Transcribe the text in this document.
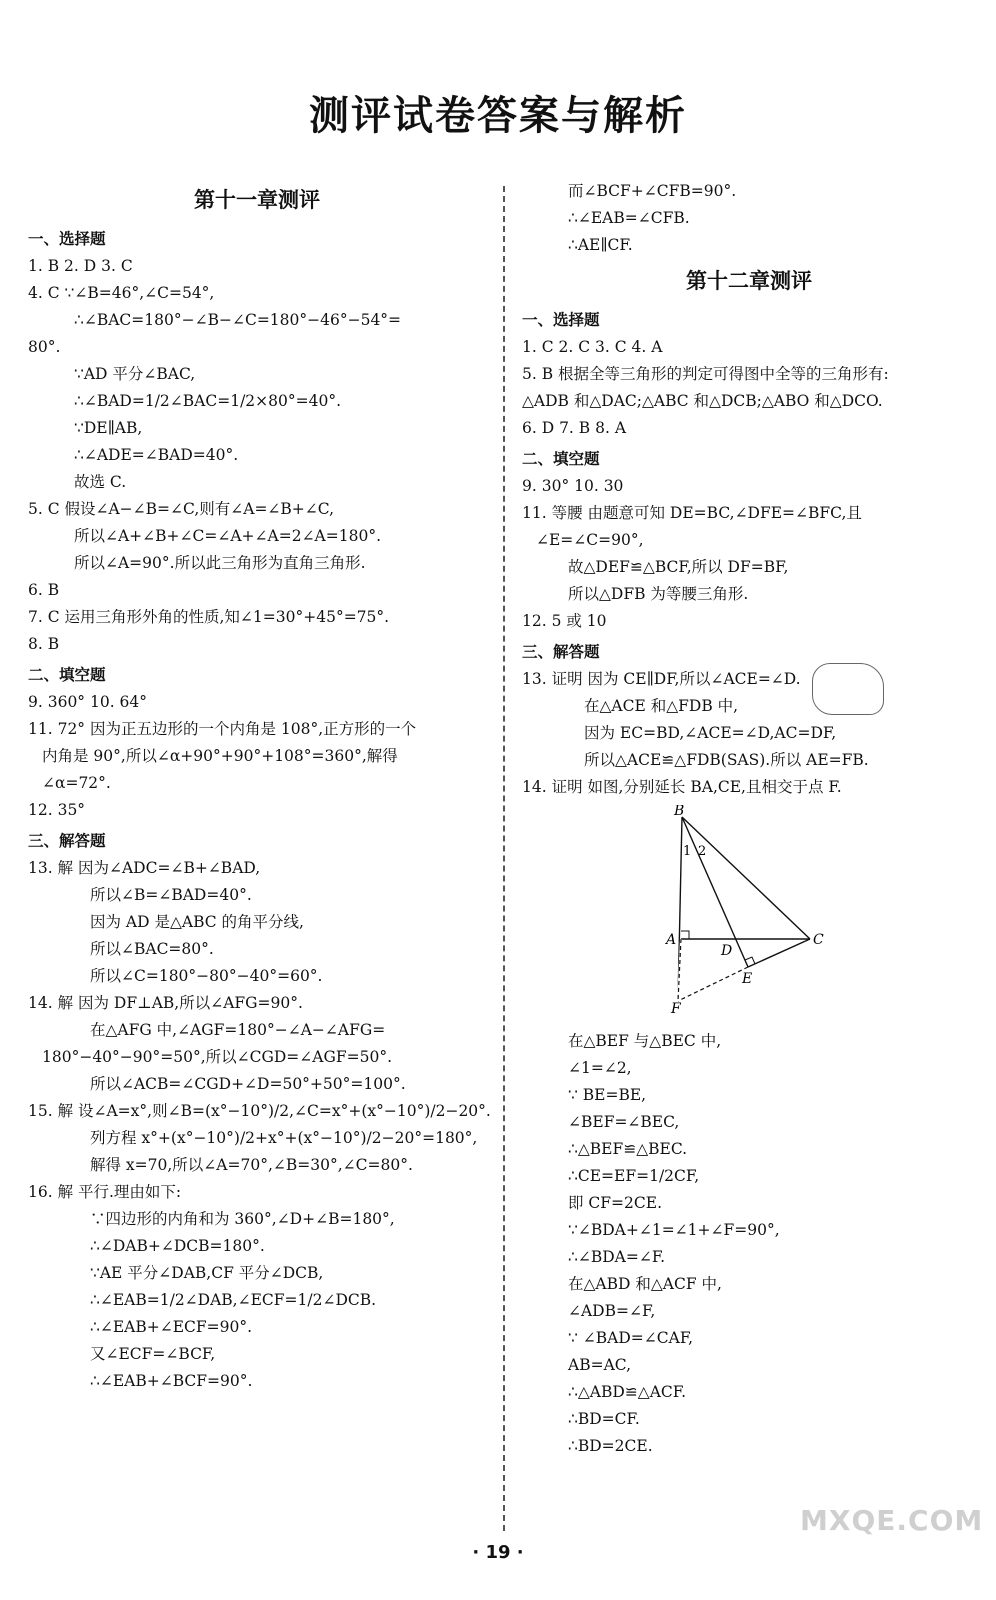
测评试卷答案与解析
第十一章测评
一、选择题
1. B 2. D 3. C
4. C ∵∠B=46°,∠C=54°,
∴∠BAC=180°−∠B−∠C=180°−46°−54°=
80°.
∵AD 平分∠BAC,
∴∠BAD=1/2∠BAC=1/2×80°=40°.
∵DE∥AB,
∴∠ADE=∠BAD=40°.
故选 C.
5. C 假设∠A−∠B=∠C,则有∠A=∠B+∠C,
所以∠A+∠B+∠C=∠A+∠A=2∠A=180°.
所以∠A=90°.所以此三角形为直角三角形.
6. B
7. C 运用三角形外角的性质,知∠1=30°+45°=75°.
8. B
二、填空题
9. 360° 10. 64°
11. 72° 因为正五边形的一个内角是 108°,正方形的一个
内角是 90°,所以∠α+90°+90°+108°=360°,解得
∠α=72°.
12. 35°
三、解答题
13. 解 因为∠ADC=∠B+∠BAD,
所以∠B=∠BAD=40°.
因为 AD 是△ABC 的角平分线,
所以∠BAC=80°.
所以∠C=180°−80°−40°=60°.
14. 解 因为 DF⊥AB,所以∠AFG=90°.
在△AFG 中,∠AGF=180°−∠A−∠AFG=
180°−40°−90°=50°,所以∠CGD=∠AGF=50°.
所以∠ACB=∠CGD+∠D=50°+50°=100°.
15. 解 设∠A=x°,则∠B=(x°−10°)/2,∠C=x°+(x°−10°)/2−20°.
列方程 x°+(x°−10°)/2+x°+(x°−10°)/2−20°=180°,
解得 x=70,所以∠A=70°,∠B=30°,∠C=80°.
16. 解 平行.理由如下:
∵四边形的内角和为 360°,∠D+∠B=180°,
∴∠DAB+∠DCB=180°.
∵AE 平分∠DAB,CF 平分∠DCB,
∴∠EAB=1/2∠DAB,∠ECF=1/2∠DCB.
∴∠EAB+∠ECF=90°.
又∠ECF=∠BCF,
∴∠EAB+∠BCF=90°.
而∠BCF+∠CFB=90°.
∴∠EAB=∠CFB.
∴AE∥CF.
第十二章测评
一、选择题
1. C 2. C 3. C 4. A
5. B 根据全等三角形的判定可得图中全等的三角形有:
△ADB 和△DAC;△ABC 和△DCB;△ABO 和△DCO.
6. D 7. B 8. A
二、填空题
9. 30° 10. 30
11. 等腰 由题意可知 DE=BC,∠DFE=∠BFC,且
∠E=∠C=90°,
故△DEF≌△BCF,所以 DF=BF,
所以△DFB 为等腰三角形.
12. 5 或 10
三、解答题
13. 证明 因为 CE∥DF,所以∠ACE=∠D.
在△ACE 和△FDB 中,
因为 EC=BD,∠ACE=∠D,AC=DF,
所以△ACE≌△FDB(SAS).所以 AE=FB.
14. 证明 如图,分别延长 BA,CE,且相交于点 F.
B
1 2
A
D
C
E
F
在△BEF 与△BEC 中,
∠1=∠2,
∵ BE=BE,
∠BEF=∠BEC,
∴△BEF≌△BEC.
∴CE=EF=1/2CF,
即 CF=2CE.
∵∠BDA+∠1=∠1+∠F=90°,
∴∠BDA=∠F.
在△ABD 和△ACF 中,
∠ADB=∠F,
∵ ∠BAD=∠CAF,
AB=AC,
∴△ABD≌△ACF.
∴BD=CF.
∴BD=2CE.
· 19 ·
MXQE.COM
